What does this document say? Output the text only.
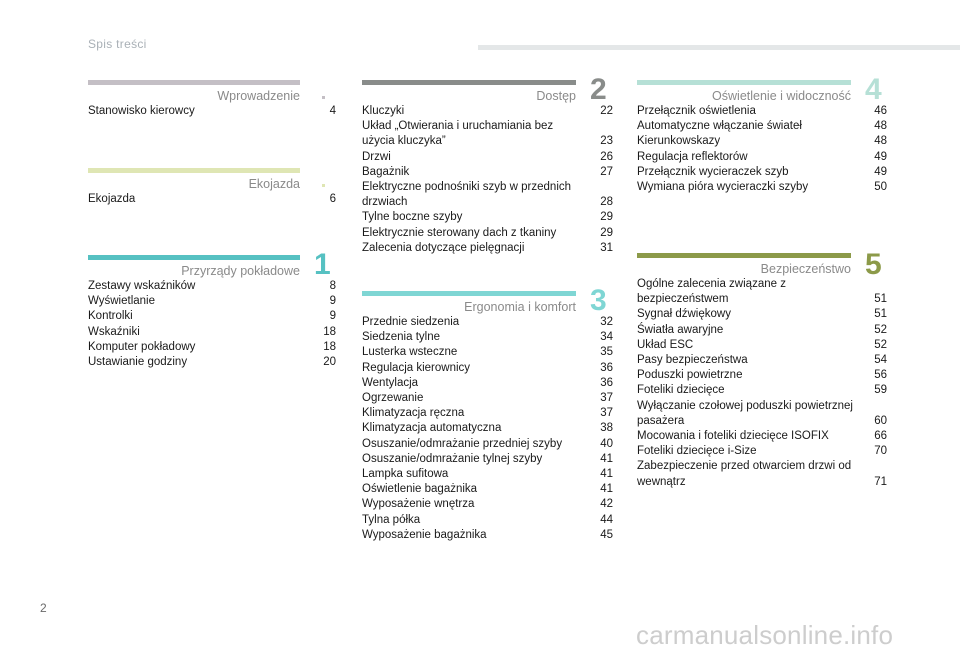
Spis treści
Wprowadzenie
Stanowisko kierowcy	4
Ekojazda
Ekojazda	6
Przyrządy pokładowe 1
Zestawy wskaźników	8
Wyświetlanie	9
Kontrolki	9
Wskaźniki	18
Komputer pokładowy	18
Ustawianie godziny	20
Dostęp 2
Kluczyki	22
Układ „Otwierania i uruchamiania bez użycia kluczyka”	23
Drzwi	26
Bagażnik	27
Elektryczne podnośniki szyb w przednich drzwiach	28
Tylne boczne szyby	29
Elektrycznie sterowany dach z tkaniny	29
Zalecenia dotyczące pielęgnacji	31
Ergonomia i komfort 3
Przednie siedzenia	32
Siedzenia tylne	34
Lusterka wsteczne	35
Regulacja kierownicy	36
Wentylacja	36
Ogrzewanie	37
Klimatyzacja ręczna	37
Klimatyzacja automatyczna	38
Osuszanie/odmrażanie przedniej szyby	40
Osuszanie/odmrażanie tylnej szyby	41
Lampka sufitowa	41
Oświetlenie bagażnika	41
Wyposażenie wnętrza	42
Tylna półka	44
Wyposażenie bagażnika	45
Oświetlenie i widoczność 4
Przełącznik oświetlenia	46
Automatyczne włączanie świateł	48
Kierunkowskazy	48
Regulacja reflektorów	49
Przełącznik wycieraczek szyb	49
Wymiana pióra wycieraczki szyby	50
Bezpieczeństwo 5
Ogólne zalecenia związane z bezpieczeństwem	51
Sygnał dźwiękowy	51
Światła awaryjne	52
Układ ESC	52
Pasy bezpieczeństwa	54
Poduszki powietrzne	56
Foteliki dziecięce	59
Wyłączanie czołowej poduszki powietrznej pasażera	60
Mocowania i foteliki dziecięce ISOFIX	66
Foteliki dziecięce i-Size	70
Zabezpieczenie przed otwarciem drzwi od wewnątrz	71
2
carmanualsonline.info
